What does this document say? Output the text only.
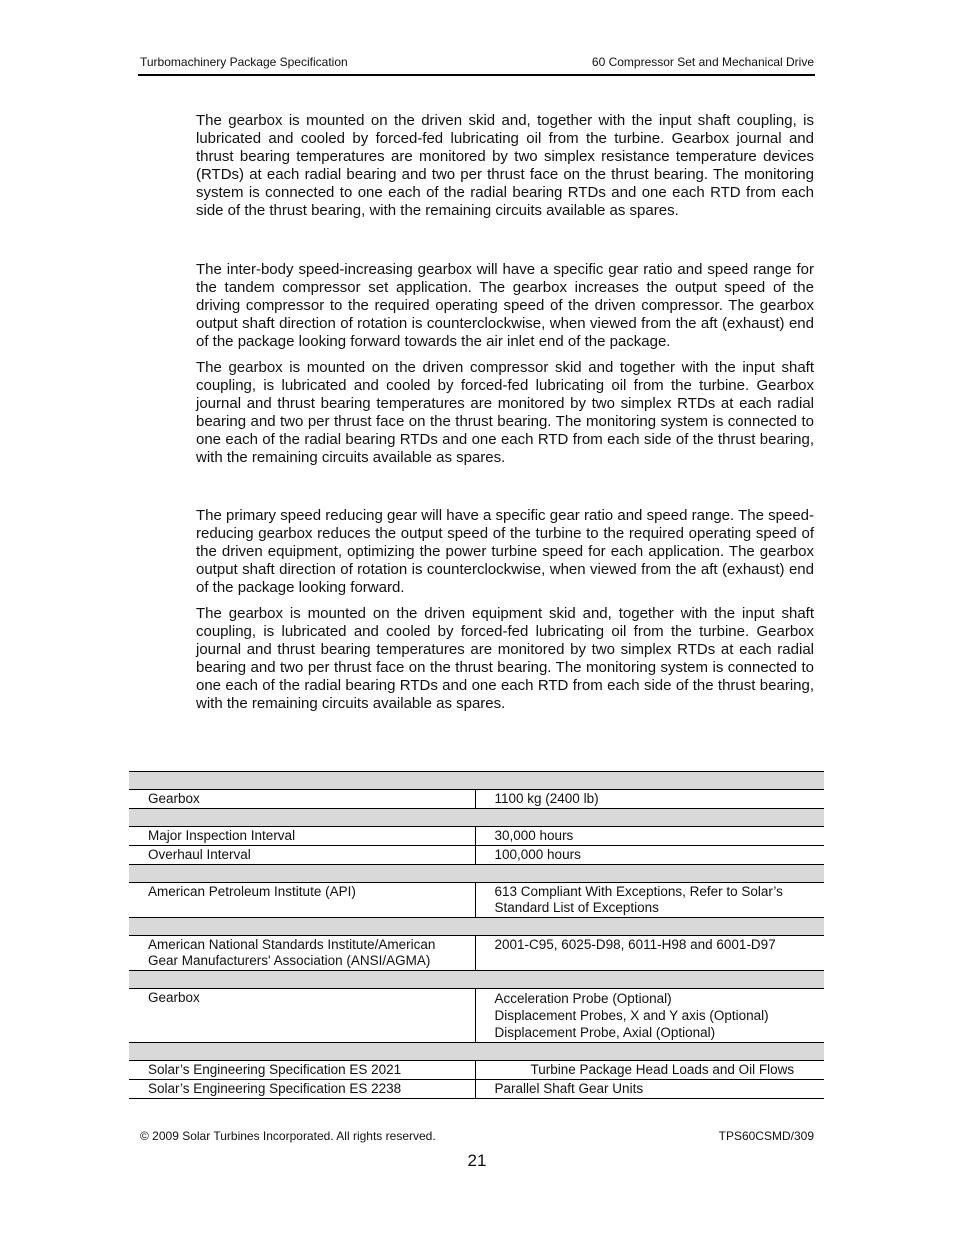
Turbomachinery Package Specification	60 Compressor Set and Mechanical Drive

The gearbox is mounted on the driven skid and, together with the input shaft coupling, is lubricated and cooled by forced-fed lubricating oil from the turbine. Gearbox journal and thrust bearing temperatures are monitored by two simplex resistance temperature devices (RTDs) at each radial bearing and two per thrust face on the thrust bearing. The monitoring system is connected to one each of the radial bearing RTDs and one each RTD from each side of the thrust bearing, with the remaining circuits available as spares.

The inter-body speed-increasing gearbox will have a specific gear ratio and speed range for the tandem compressor set application. The gearbox increases the output speed of the driving compressor to the required operating speed of the driven compressor. The gearbox output shaft direction of rotation is counterclockwise, when viewed from the aft (exhaust) end of the package looking forward towards the air inlet end of the package.

The gearbox is mounted on the driven compressor skid and together with the input shaft coupling, is lubricated and cooled by forced-fed lubricating oil from the turbine. Gearbox journal and thrust bearing temperatures are monitored by two simplex RTDs at each radial bearing and two per thrust face on the thrust bearing. The monitoring system is connected to one each of the radial bearing RTDs and one each RTD from each side of the thrust bearing, with the remaining circuits available as spares.

The primary speed reducing gear will have a specific gear ratio and speed range. The speed-reducing gearbox reduces the output speed of the turbine to the required operating speed of the driven equipment, optimizing the power turbine speed for each application. The gearbox output shaft direction of rotation is counterclockwise, when viewed from the aft (exhaust) end of the package looking forward.

The gearbox is mounted on the driven equipment skid and, together with the input shaft coupling, is lubricated and cooled by forced-fed lubricating oil from the turbine. Gearbox journal and thrust bearing temperatures are monitored by two simplex RTDs at each radial bearing and two per thrust face on the thrust bearing. The monitoring system is connected to one each of the radial bearing RTDs and one each RTD from each side of the thrust bearing, with the remaining circuits available as spares.

Gearbox	1100 kg (2400 lb)

Major Inspection Interval	30,000 hours
Overhaul Interval	100,000 hours

American Petroleum Institute (API)	613 Compliant With Exceptions, Refer to Solar’s
Standard List of Exceptions

American National Standards Institute/American
Gear Manufacturers' Association (ANSI/AGMA)	2001-C95, 6025-D98, 6011-H98 and 6001-D97

Gearbox	Acceleration Probe (Optional)
Displacement Probes, X and Y axis (Optional)
Displacement Probe, Axial (Optional)

Solar’s Engineering Specification ES 2021	Turbine Package Head Loads and Oil Flows
Solar’s Engineering Specification ES 2238	Parallel Shaft Gear Units
© 2009 Solar Turbines Incorporated. All rights reserved.	TPS60CSMD/309
21
